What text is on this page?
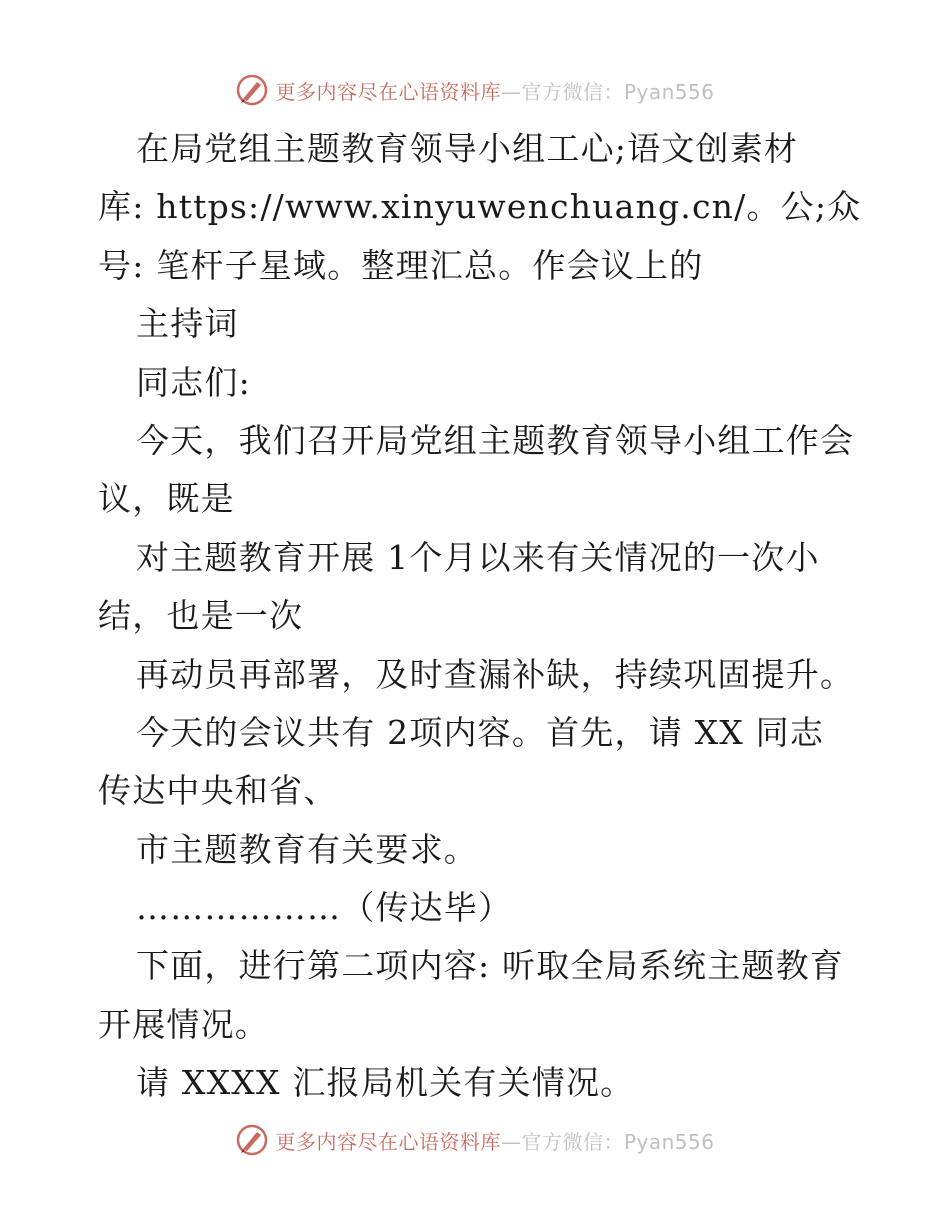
更多内容尽在心语资料库—官方微信：Pyan556
在局党组主题教育领导小组工心;语文创素材
库: https://www.xinyuwenchuang.cn/。公;众
号: 笔杆子星域。整理汇总。作会议上的
主持词
同志们:
今天，我们召开局党组主题教育领导小组工作会
议，既是
对主题教育开展 1个月以来有关情况的一次小
结，也是一次
再动员再部署，及时查漏补缺，持续巩固提升。
今天的会议共有 2项内容。首先，请 XX 同志
传达中央和省、
市主题教育有关要求。
………………（传达毕）
下面，进行第二项内容: 听取全局系统主题教育
开展情况。
请 XXXX 汇报局机关有关情况。
更多内容尽在心语资料库—官方微信：Pyan556
